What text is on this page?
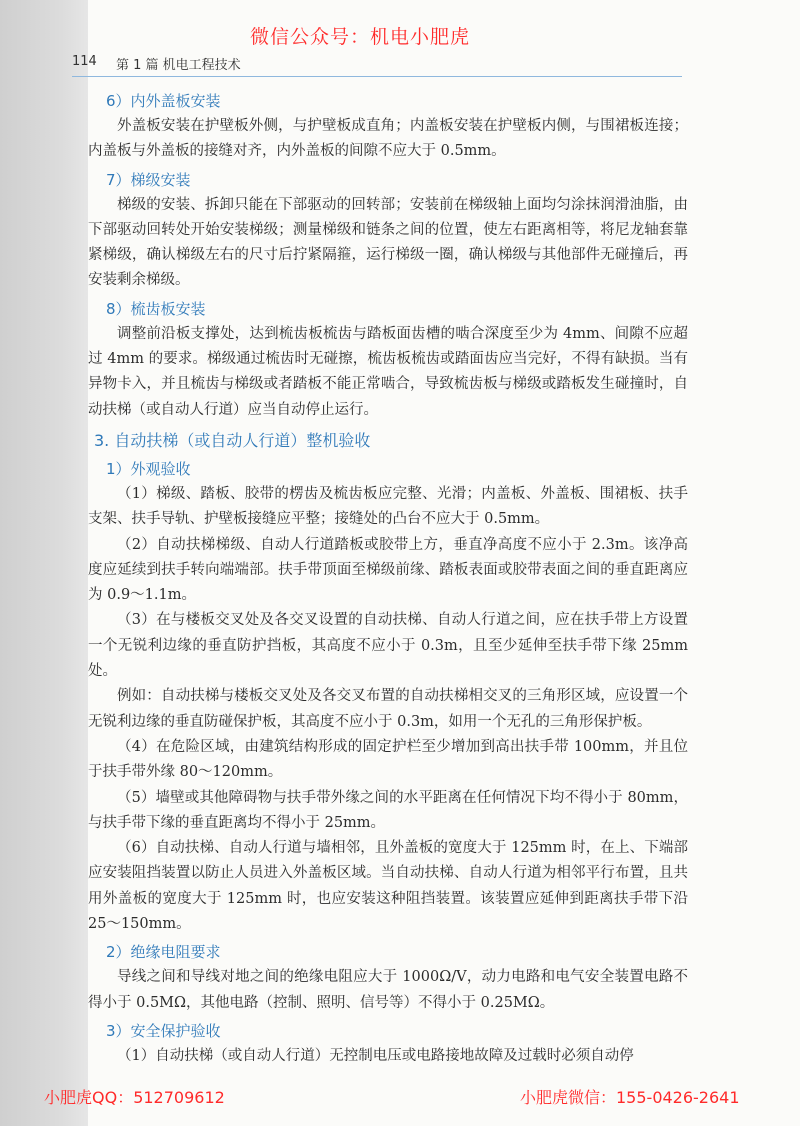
微信公众号：机电小肥虎
114 第 1 篇 机电工程技术
6）内外盖板安装

外盖板安装在护壁板外侧，与护壁板成直角；内盖板安装在护壁板内侧，与围裙板连接；内盖板与外盖板的接缝对齐，内外盖板的间隙不应大于 0.5mm。

7）梯级安装

梯级的安装、拆卸只能在下部驱动的回转部；安装前在梯级轴上面均匀涂抹润滑油脂，由下部驱动回转处开始安装梯级；测量梯级和链条之间的位置，使左右距离相等，将尼龙轴套靠紧梯级，确认梯级左右的尺寸后拧紧隔箍，运行梯级一圈，确认梯级与其他部件无碰撞后，再安装剩余梯级。

8）梳齿板安装

调整前沿板支撑处，达到梳齿板梳齿与踏板面齿槽的啮合深度至少为 4mm、间隙不应超过 4mm 的要求。梯级通过梳齿时无碰擦，梳齿板梳齿或踏面齿应当完好，不得有缺损。当有异物卡入，并且梳齿与梯级或者踏板不能正常啮合，导致梳齿板与梯级或踏板发生碰撞时，自动扶梯（或自动人行道）应当自动停止运行。

3. 自动扶梯（或自动人行道）整机验收
1）外观验收

（1）梯级、踏板、胶带的楞齿及梳齿板应完整、光滑；内盖板、外盖板、围裙板、扶手支架、扶手导轨、护壁板接缝应平整；接缝处的凸台不应大于 0.5mm。

（2）自动扶梯梯级、自动人行道踏板或胶带上方，垂直净高度不应小于 2.3m。该净高度应延续到扶手转向端端部。扶手带顶面至梯级前缘、踏板表面或胶带表面之间的垂直距离应为 0.9～1.1m。

（3）在与楼板交叉处及各交叉设置的自动扶梯、自动人行道之间，应在扶手带上方设置一个无锐利边缘的垂直防护挡板，其高度不应小于 0.3m，且至少延伸至扶手带下缘 25mm 处。

例如：自动扶梯与楼板交叉处及各交叉布置的自动扶梯相交叉的三角形区域，应设置一个无锐利边缘的垂直防碰保护板，其高度不应小于 0.3m，如用一个无孔的三角形保护板。

（4）在危险区域，由建筑结构形成的固定护栏至少增加到高出扶手带 100mm，并且位于扶手带外缘 80～120mm。

（5）墙壁或其他障碍物与扶手带外缘之间的水平距离在任何情况下均不得小于 80mm，与扶手带下缘的垂直距离均不得小于 25mm。

（6）自动扶梯、自动人行道与墙相邻，且外盖板的宽度大于 125mm 时，在上、下端部应安装阻挡装置以防止人员进入外盖板区域。当自动扶梯、自动人行道为相邻平行布置，且共用外盖板的宽度大于 125mm 时，也应安装这种阻挡装置。该装置应延伸到距离扶手带下沿 25～150mm。

2）绝缘电阻要求

导线之间和导线对地之间的绝缘电阻应大于 1000Ω/V，动力电路和电气安全装置电路不得小于 0.5MΩ，其他电路（控制、照明、信号等）不得小于 0.25MΩ。

3）安全保护验收

（1）自动扶梯（或自动人行道）无控制电压或电路接地故障及过载时必须自动停

小肥虎QQ：512709612	小肥虎微信：155-0426-2641
